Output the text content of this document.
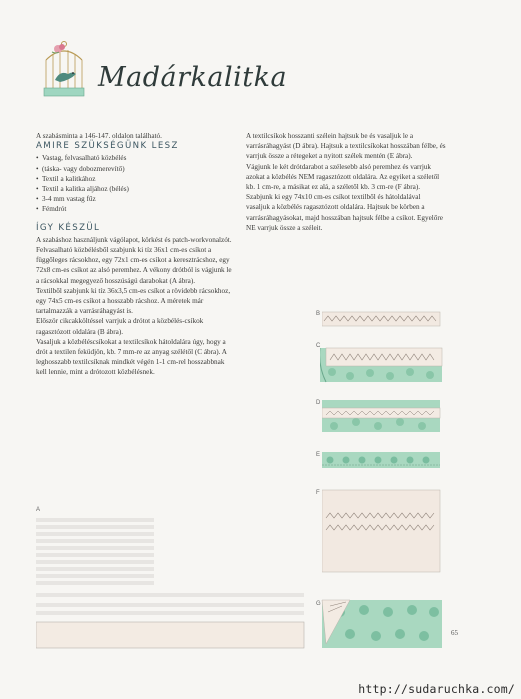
Madárkalitka

A szabásminta a 146-147. oldalon található.

AMIRE SZÜKSÉGÜNK LESZ
• Vastag, felvasalható közbélés
• (táska- vagy dobozmerevítő)
• Textil a kalitkához
• Textil a kalitka aljához (bélés)
• 3-4 mm vastag fűz
• Fémdrót
ÍGY KÉSZÜL

A szabáshoz használjunk vágólapot, körkést és patch-workvonalzót.

Felvasalható közbélésből szabjunk ki tíz 36x1 cm-es csíkot a függőleges rácsokhoz, egy 72x1 cm-es csíkot a keresztrácshoz, egy 72x8 cm-es csíkot az alsó peremhez. A vékony drótból is vágjunk le a rácsokkal megegyező hosszúságú darabokat (A ábra).

Textilből szabjunk ki tíz 36x3,5 cm-es csíkot a rövidebb rácsokhoz, egy 74x5 cm-es csíkot a hosszabb rácshoz. A méretek már tartalmazzák a varrásráhagyást is.

Először cikcakköltéssel varrjuk a drótot a közbélés-csíkok ragasztózott oldalára (B ábra).

Vasaljuk a közbéléscsíkokat a textilcsíkok hátoldalára úgy, hogy a drót a textilen feküdjön, kb. 7 mm-re az anyag szélétől (C ábra). A leghosszabb textilcsíknak mindkét végén 1-1 cm-rel hosszabbnak kell lennie, mint a drótozott közbélésnek.

A textilcsíkok hosszanti szélein hajtsuk be és vasaljuk le a varrásráhagyást (D ábra). Hajtsuk a textilcsíkokat hosszában félbe, és varrjuk össze a rétegeket a nyitott szélek mentén (E ábra).

Vágjunk le két drótdarabot a szélesebb alsó peremhez és varrjuk azokat a közbélés NEM ragasztózott oldalára. Az egyiket a széletől kb. 1 cm-re, a másikat ez alá, a széletől kb. 3 cm-re (F ábra).

Szabjunk ki egy 74x10 cm-es csíkot textilből és hátoldalával vasaljuk a közbélés ragasztózott oldalára. Hajtsuk be körben a varrásráhagyásokat, majd hosszában hajtsuk félbe a csíkot. Egyelőre NE varrjuk össze a széleit.

A
B
C
D
E
F
G
65
http://sudaruchka.com/
